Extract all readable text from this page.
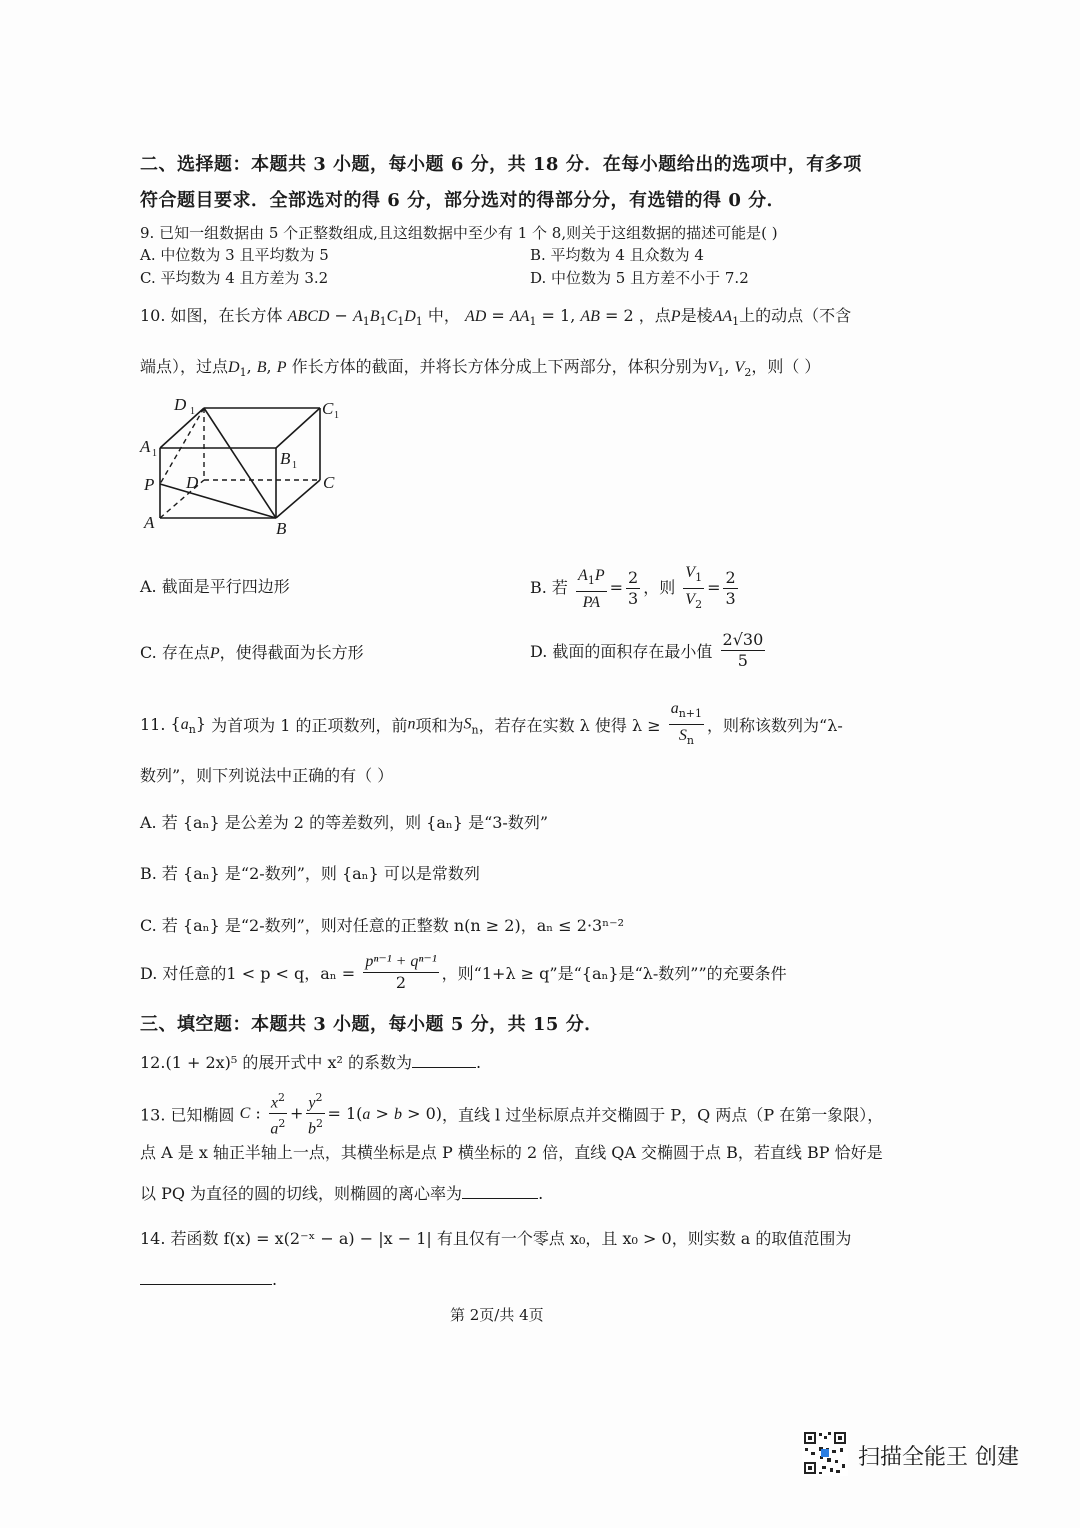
二、选择题：本题共 3 小题，每小题 6 分，共 18 分．在每小题给出的选项中，有多项
符合题目要求．全部选对的得 6 分，部分选对的得部分分，有选错的得 0 分．
9. 已知一组数据由 5 个正整数组成,且这组数据中至少有 1 个 8,则关于这组数据的描述可能是( )
A. 中位数为 3 且平均数为 5	B. 平均数为 4 且众数为 4
C. 平均数为 4 且方差为 3.2	D. 中位数为 5 且方差不小于 7.2
10. 如图，在长方体 ABCD − $A_1B_1C_1D_1$ 中， AD = $AA_1 = 1$, AB = 2 ，点P是棱$AA_1$上的动点（不含
端点），过点$D_1$, B, P 作长方体的截面，并将长方体分成上下两部分，体积分别为$V_1$, $V_2$，则（ ）
D 1	C 1
A 1	B 1
P D	C
A	B
A. 截面是平行四边形	B. 若 $\frac{A_1P}{PA} = \frac{2}{3}$ ，则 $\frac{V_1}{V_2} = \frac{2}{3}$
C. 存在点P，使得截面为长方形	D. 截面的面积存在最小值 $\frac{2√30}{5}$
11. $\{a_n\}$ 为首项为 1 的正项数列，前n项和为$S_n$，若存在实数 λ 使得 $\lambda \ge \frac{a_{n+1}}{S_n}$ ，则称该数列为“λ-
数列”，则下列说法中正确的有（ ）
A. 若 {aₙ} 是公差为 2 的等差数列，则 {aₙ} 是“3-数列”
B. 若 {aₙ} 是“2-数列”，则 {aₙ} 可以是常数列
C. 若 {aₙ} 是“2-数列”，则对任意的正整数 n(n ≥ 2)，aₙ ≤ 2·3ⁿ⁻²
D. 对任意的1 < p < q，$a_n = \frac{\text{pⁿ⁻¹ + qⁿ⁻¹}}{2}$ ，则“1+λ ≥ q”是“{aₙ}是“λ-数列””的充要条件
三、填空题：本题共 3 小题，每小题 5 分，共 15 分．
12.(1 + 2x)⁵ 的展开式中 x² 的系数为	.
13. 已知椭圆 C : $\frac{x^2}{a^2} + \frac{y^2}{b^2} = 1(a > b > 0)$，直线 l 过坐标原点并交椭圆于 P，Q 两点（P 在第一象限），
点 A 是 x 轴正半轴上一点，其横坐标是点 P 横坐标的 2 倍，直线 QA 交椭圆于点 B，若直线 BP 恰好是
以 PQ 为直径的圆的切线，则椭圆的离心率为	.
14. 若函数 f(x) = x(2⁻ˣ − a) − |x − 1| 有且仅有一个零点 x₀，且 x₀ > 0，则实数 a 的取值范围为
.
第 2页/共 4页
扫描全能王 创建
